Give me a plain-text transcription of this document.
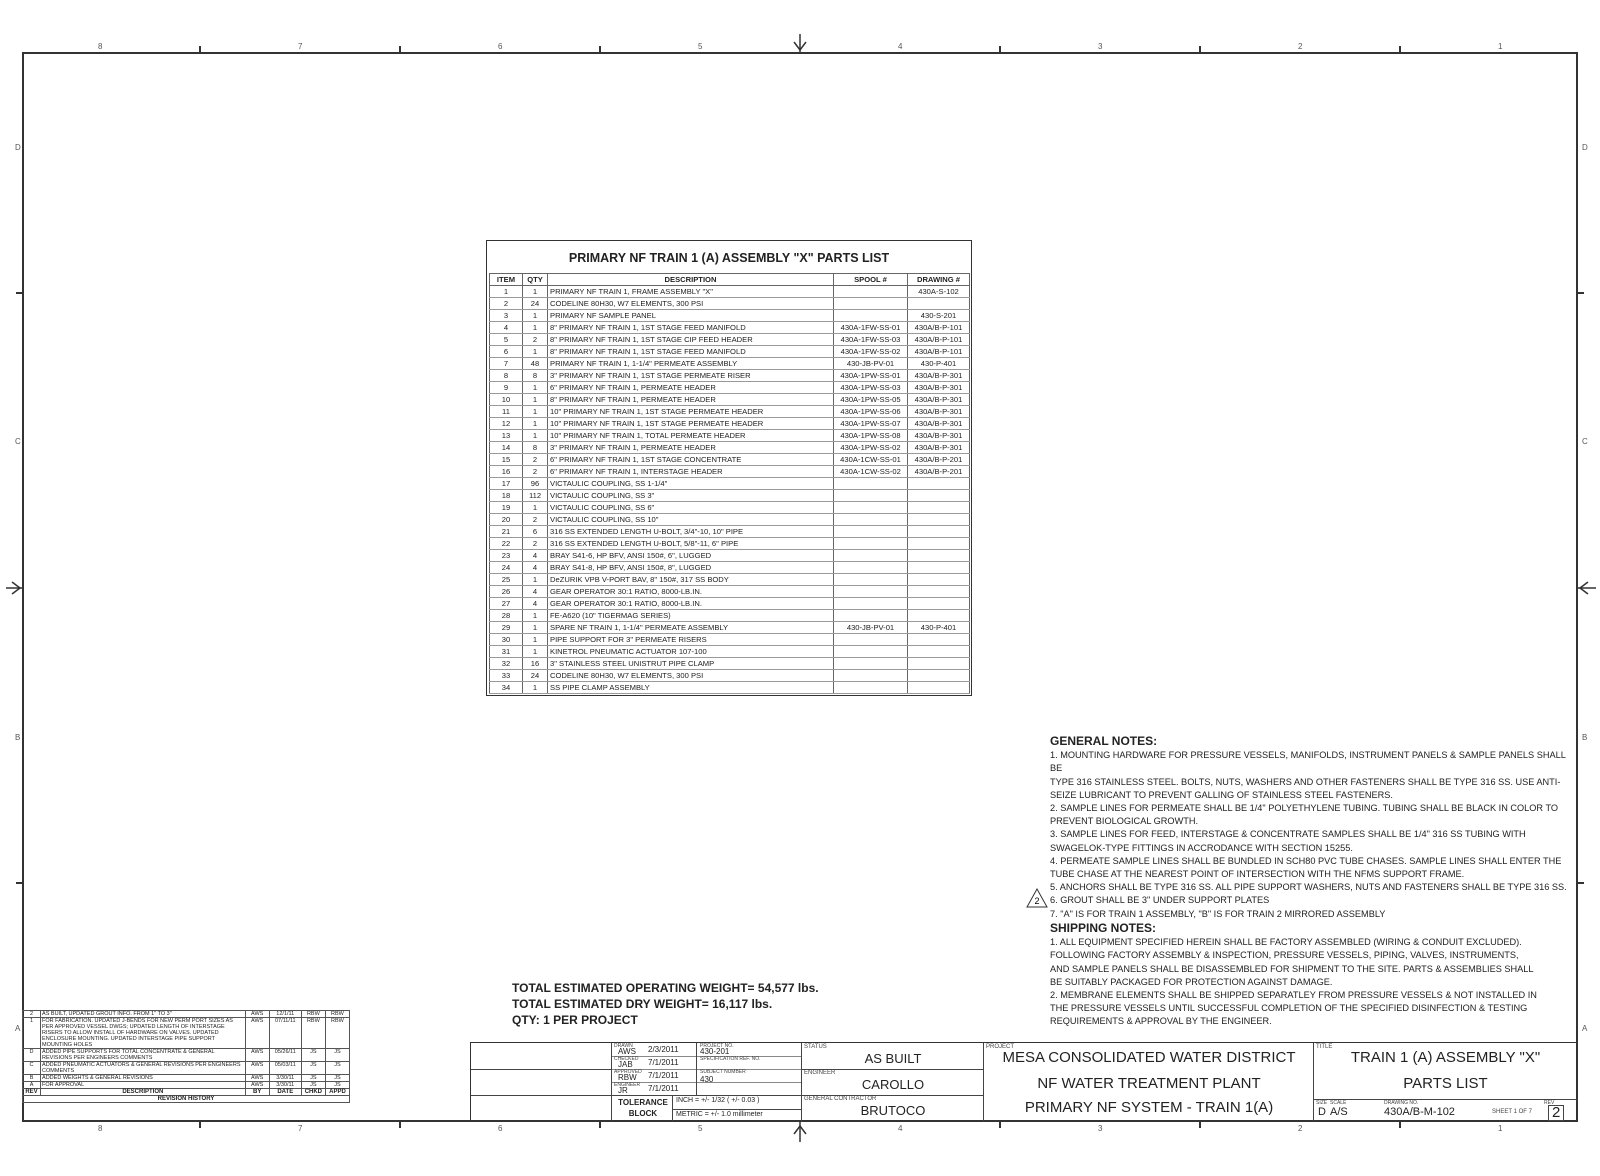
8	7	6	5	4	3	2	1
8	7	6	5	4	3	2	1
D
C
B
A
D
C
B
A
PRIMARY NF TRAIN 1 (A) ASSEMBLY "X" PARTS LIST
ITEM	QTY	DESCRIPTION	SPOOL #	DRAWING #
1	1	PRIMARY NF TRAIN 1, FRAME ASSEMBLY "X"		430A-S-102
2	24	CODELINE 80H30, W7 ELEMENTS, 300 PSI		
3	1	PRIMARY NF SAMPLE PANEL		430-S-201
4	1	8" PRIMARY NF TRAIN 1, 1ST STAGE FEED MANIFOLD	430A-1FW-SS-01	430A/B-P-101
5	2	8" PRIMARY NF TRAIN 1, 1ST STAGE CIP FEED HEADER	430A-1FW-SS-03	430A/B-P-101
6	1	8" PRIMARY NF TRAIN 1, 1ST STAGE FEED MANIFOLD	430A-1FW-SS-02	430A/B-P-101
7	48	PRIMARY NF TRAIN 1, 1-1/4" PERMEATE ASSEMBLY	430-JB-PV-01	430-P-401
8	8	3" PRIMARY NF TRAIN 1, 1ST STAGE PERMEATE RISER	430A-1PW-SS-01	430A/B-P-301
9	1	6" PRIMARY NF TRAIN 1, PERMEATE HEADER	430A-1PW-SS-03	430A/B-P-301
10	1	8" PRIMARY NF TRAIN 1, PERMEATE HEADER	430A-1PW-SS-05	430A/B-P-301
11	1	10" PRIMARY NF TRAIN 1, 1ST STAGE PERMEATE HEADER	430A-1PW-SS-06	430A/B-P-301
12	1	10" PRIMARY NF TRAIN 1, 1ST STAGE PERMEATE HEADER	430A-1PW-SS-07	430A/B-P-301
13	1	10" PRIMARY NF TRAIN 1, TOTAL PERMEATE HEADER	430A-1PW-SS-08	430A/B-P-301
14	8	3" PRIMARY NF TRAIN 1, PERMEATE HEADER	430A-1PW-SS-02	430A/B-P-301
15	2	6" PRIMARY NF TRAIN 1, 1ST STAGE CONCENTRATE	430A-1CW-SS-01	430A/B-P-201
16	2	6" PRIMARY NF TRAIN 1, INTERSTAGE HEADER	430A-1CW-SS-02	430A/B-P-201
17	96	VICTAULIC COUPLING, SS 1-1/4"		
18	112	VICTAULIC COUPLING, SS 3"		
19	1	VICTAULIC COUPLING, SS 6"		
20	2	VICTAULIC COUPLING, SS 10"		
21	6	316 SS EXTENDED LENGTH U-BOLT, 3/4"-10, 10" PIPE		
22	2	316 SS EXTENDED LENGTH U-BOLT, 5/8"-11, 6" PIPE		
23	4	BRAY S41-6, HP BFV, ANSI 150#, 6", LUGGED		
24	4	BRAY S41-8, HP BFV, ANSI 150#, 8", LUGGED		
25	1	DeZURIK VPB V-PORT BAV, 8" 150#, 317 SS BODY		
26	4	GEAR OPERATOR 30:1 RATIO, 8000-LB.IN.		
27	4	GEAR OPERATOR 30:1 RATIO, 8000-LB.IN.		
28	1	FE-A620 (10" TIGERMAG SERIES)		
29	1	SPARE NF TRAIN 1, 1-1/4" PERMEATE ASSEMBLY	430-JB-PV-01	430-P-401
30	1	PIPE SUPPORT FOR 3" PERMEATE RISERS		
31	1	KINETROL PNEUMATIC ACTUATOR 107-100		
32	16	3" STAINLESS STEEL UNISTRUT PIPE CLAMP		
33	24	CODELINE 80H30, W7 ELEMENTS, 300 PSI		
34	1	SS PIPE CLAMP ASSEMBLY		
GENERAL NOTES:

1. MOUNTING HARDWARE FOR PRESSURE VESSELS, MANIFOLDS, INSTRUMENT PANELS & SAMPLE PANELS SHALL BE

TYPE 316 STAINLESS STEEL. BOLTS, NUTS, WASHERS AND OTHER FASTENERS SHALL BE TYPE 316 SS. USE ANTI-

SEIZE LUBRICANT TO PREVENT GALLING OF STAINLESS STEEL FASTENERS.

2. SAMPLE LINES FOR PERMEATE SHALL BE 1/4" POLYETHYLENE TUBING. TUBING SHALL BE BLACK IN COLOR TO

PREVENT BIOLOGICAL GROWTH.

3. SAMPLE LINES FOR FEED, INTERSTAGE & CONCENTRATE SAMPLES SHALL BE 1/4" 316 SS TUBING WITH

SWAGELOK-TYPE FITTINGS IN ACCRODANCE WITH SECTION 15255.

4. PERMEATE SAMPLE LINES SHALL BE BUNDLED IN SCH80 PVC TUBE CHASES. SAMPLE LINES SHALL ENTER THE

TUBE CHASE AT THE NEAREST POINT OF INTERSECTION WITH THE NFMS SUPPORT FRAME.

5. ANCHORS SHALL BE TYPE 316 SS. ALL PIPE SUPPORT WASHERS, NUTS AND FASTENERS SHALL BE TYPE 316 SS.

6. GROUT SHALL BE 3" UNDER SUPPORT PLATES

7. "A" IS FOR TRAIN 1 ASSEMBLY, "B" IS FOR TRAIN 2 MIRRORED ASSEMBLY

2
SHIPPING NOTES:

1. ALL EQUIPMENT SPECIFIED HEREIN SHALL BE FACTORY ASSEMBLED (WIRING & CONDUIT EXCLUDED).

FOLLOWING FACTORY ASSEMBLY & INSPECTION, PRESSURE VESSELS, PIPING, VALVES, INSTRUMENTS,

AND SAMPLE PANELS SHALL BE DISASSEMBLED FOR SHIPMENT TO THE SITE. PARTS & ASSEMBLIES SHALL

BE SUITABLY PACKAGED FOR PROTECTION AGAINST DAMAGE.

2. MEMBRANE ELEMENTS SHALL BE SHIPPED SEPARATLEY FROM PRESSURE VESSELS & NOT INSTALLED IN

THE PRESSURE VESSELS UNTIL SUCCESSFUL COMPLETION OF THE SPECIFIED DISINFECTION & TESTING

REQUIREMENTS & APPROVAL BY THE ENGINEER.

TOTAL ESTIMATED OPERATING WEIGHT= 54,577 lbs.
TOTAL ESTIMATED DRY WEIGHT= 16,117 lbs.
QTY: 1 PER PROJECT
2	AS BUILT, UPDATED GROUT INFO. FROM 1" TO 3"	AWS	12/1/11	RBW	RBW
1	FOR FABRICATION. UPDATED J-BENDS FOR NEW PERM PORT SIZES AS PER APPROVED VESSEL DWGS; UPDATED LENGTH OF INTERSTAGE RISERS TO ALLOW INSTALL OF HARDWARE ON VALVES. UPDATED ENCLOSURE MOUNTING. UPDATED INTERSTAGE PIPE SUPPORT MOUNTING HOLES	AWS	07/11/11	RBW	RBW
D	ADDED PIPE SUPPORTS FOR TOTAL CONCENTRATE & GENERAL REVISIONS PER ENGINEERS COMMENTS	AWS	05/26/11	JS	JS
C	ADDED PNEUMATIC ACTUATORS & GENERAL REVISIONS PER ENGINEERS COMMENTS	AWS	05/03/11	JS	JS
B	ADDED WEIGHTS & GENERAL REVISIONS	AWS	3/30/11	JS	JS
A	FOR APPROVAL	AWS	3/30/11	JS	JS
REV	DESCRIPTION	BY	DATE	CHKD	APPD
REVISION HISTORY					
DRAWN
AWS 2/3/2011
CHECKED
JAB 7/1/2011
APPROVED
RBW 7/1/2011
ENGINEER
JR	7/1/2011
PROJECT NO.
430-201
SPECIFICATION REF. NO.
SUBJECT NUMBER
430
TOLERANCE BLOCK
INCH = +/- 1/32 ( +/- 0.03 )
METRIC = +/- 1.0 millimeter
STATUS
AS BUILT
ENGINEER
CAROLLO
GENERAL CONTRACTOR
BRUTOCO
PROJECT
MESA CONSOLIDATED WATER DISTRICT
NF WATER TREATMENT PLANT
PRIMARY NF SYSTEM - TRAIN 1(A)
TITLE
TRAIN 1 (A) ASSEMBLY "X"
PARTS LIST
SIZE
D
SCALE
A/S
DRAWING NO.
430A/B-M-102	SHEET 1 OF 7
REV
2
